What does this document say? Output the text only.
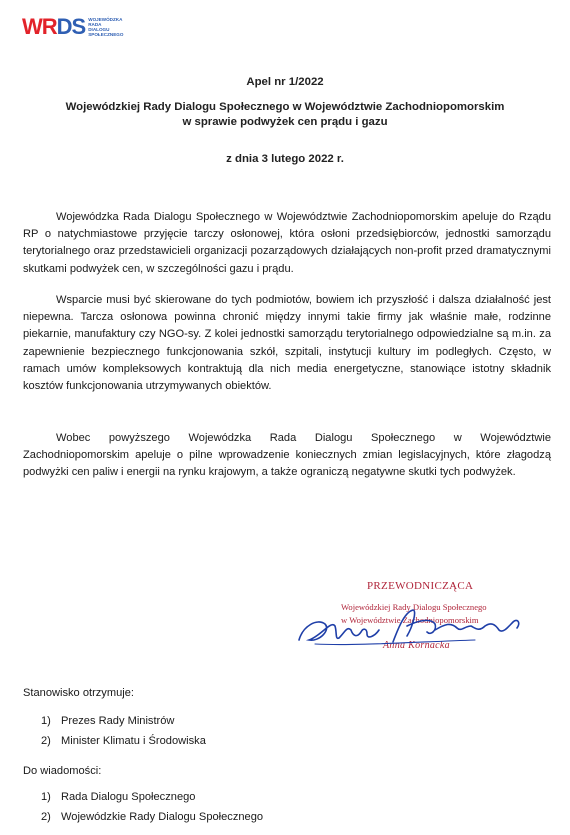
WRDS WOJEWÓDZKA
RADA
DIALOGU
SPOŁECZNEGO
Apel nr 1/2022
Wojewódzkiej Rady Dialogu Społecznego w Województwie Zachodniopomorskim
w sprawie podwyżek cen prądu i gazu
z dnia 3 lutego 2022 r.

Wojewódzka Rada Dialogu Społecznego w Województwie Zachodniopomorskim apeluje do Rządu RP o natychmiastowe przyjęcie tarczy osłonowej, która osłoni przedsiębiorców, jednostki samorządu terytorialnego oraz przedstawicieli organizacji pozarządowych działających non-profit przed dramatycznymi skutkami podwyżek cen, w szczególności gazu i prądu.

Wsparcie musi być skierowane do tych podmiotów, bowiem ich przyszłość i dalsza działalność jest niepewna. Tarcza osłonowa powinna chronić między innymi takie firmy jak właśnie małe, rodzinne piekarnie, manufaktury czy NGO-sy. Z kolei jednostki samorządu terytorialnego odpowiedzialne są m.in. za zapewnienie bezpiecznego funkcjonowania szkół, szpitali, instytucji kultury im podległych. Często, w ramach umów kompleksowych kontraktują dla nich media energetyczne, stanowiące istotny składnik kosztów funkcjonowania utrzymywanych obiektów.

Wobec powyższego Wojewódzka Rada Dialogu Społecznego w Województwie Zachodniopomorskim apeluje o pilne wprowadzenie koniecznych zmian legislacyjnych, które złagodzą podwyżki cen paliw i energii na rynku krajowym, a także ograniczą negatywne skutki tych podwyżek.

PRZEWODNICZĄCA
Wojewódzkiej Rady Dialogu Społecznego
w Województwie Zachodniopomorskim
Anna Kornacka
Stanowisko otrzymuje:
1) Prezes Rady Ministrów
2) Minister Klimatu i Środowiska
Do wiadomości:
1) Rada Dialogu Społecznego
2) Wojewódzkie Rady Dialogu Społecznego
